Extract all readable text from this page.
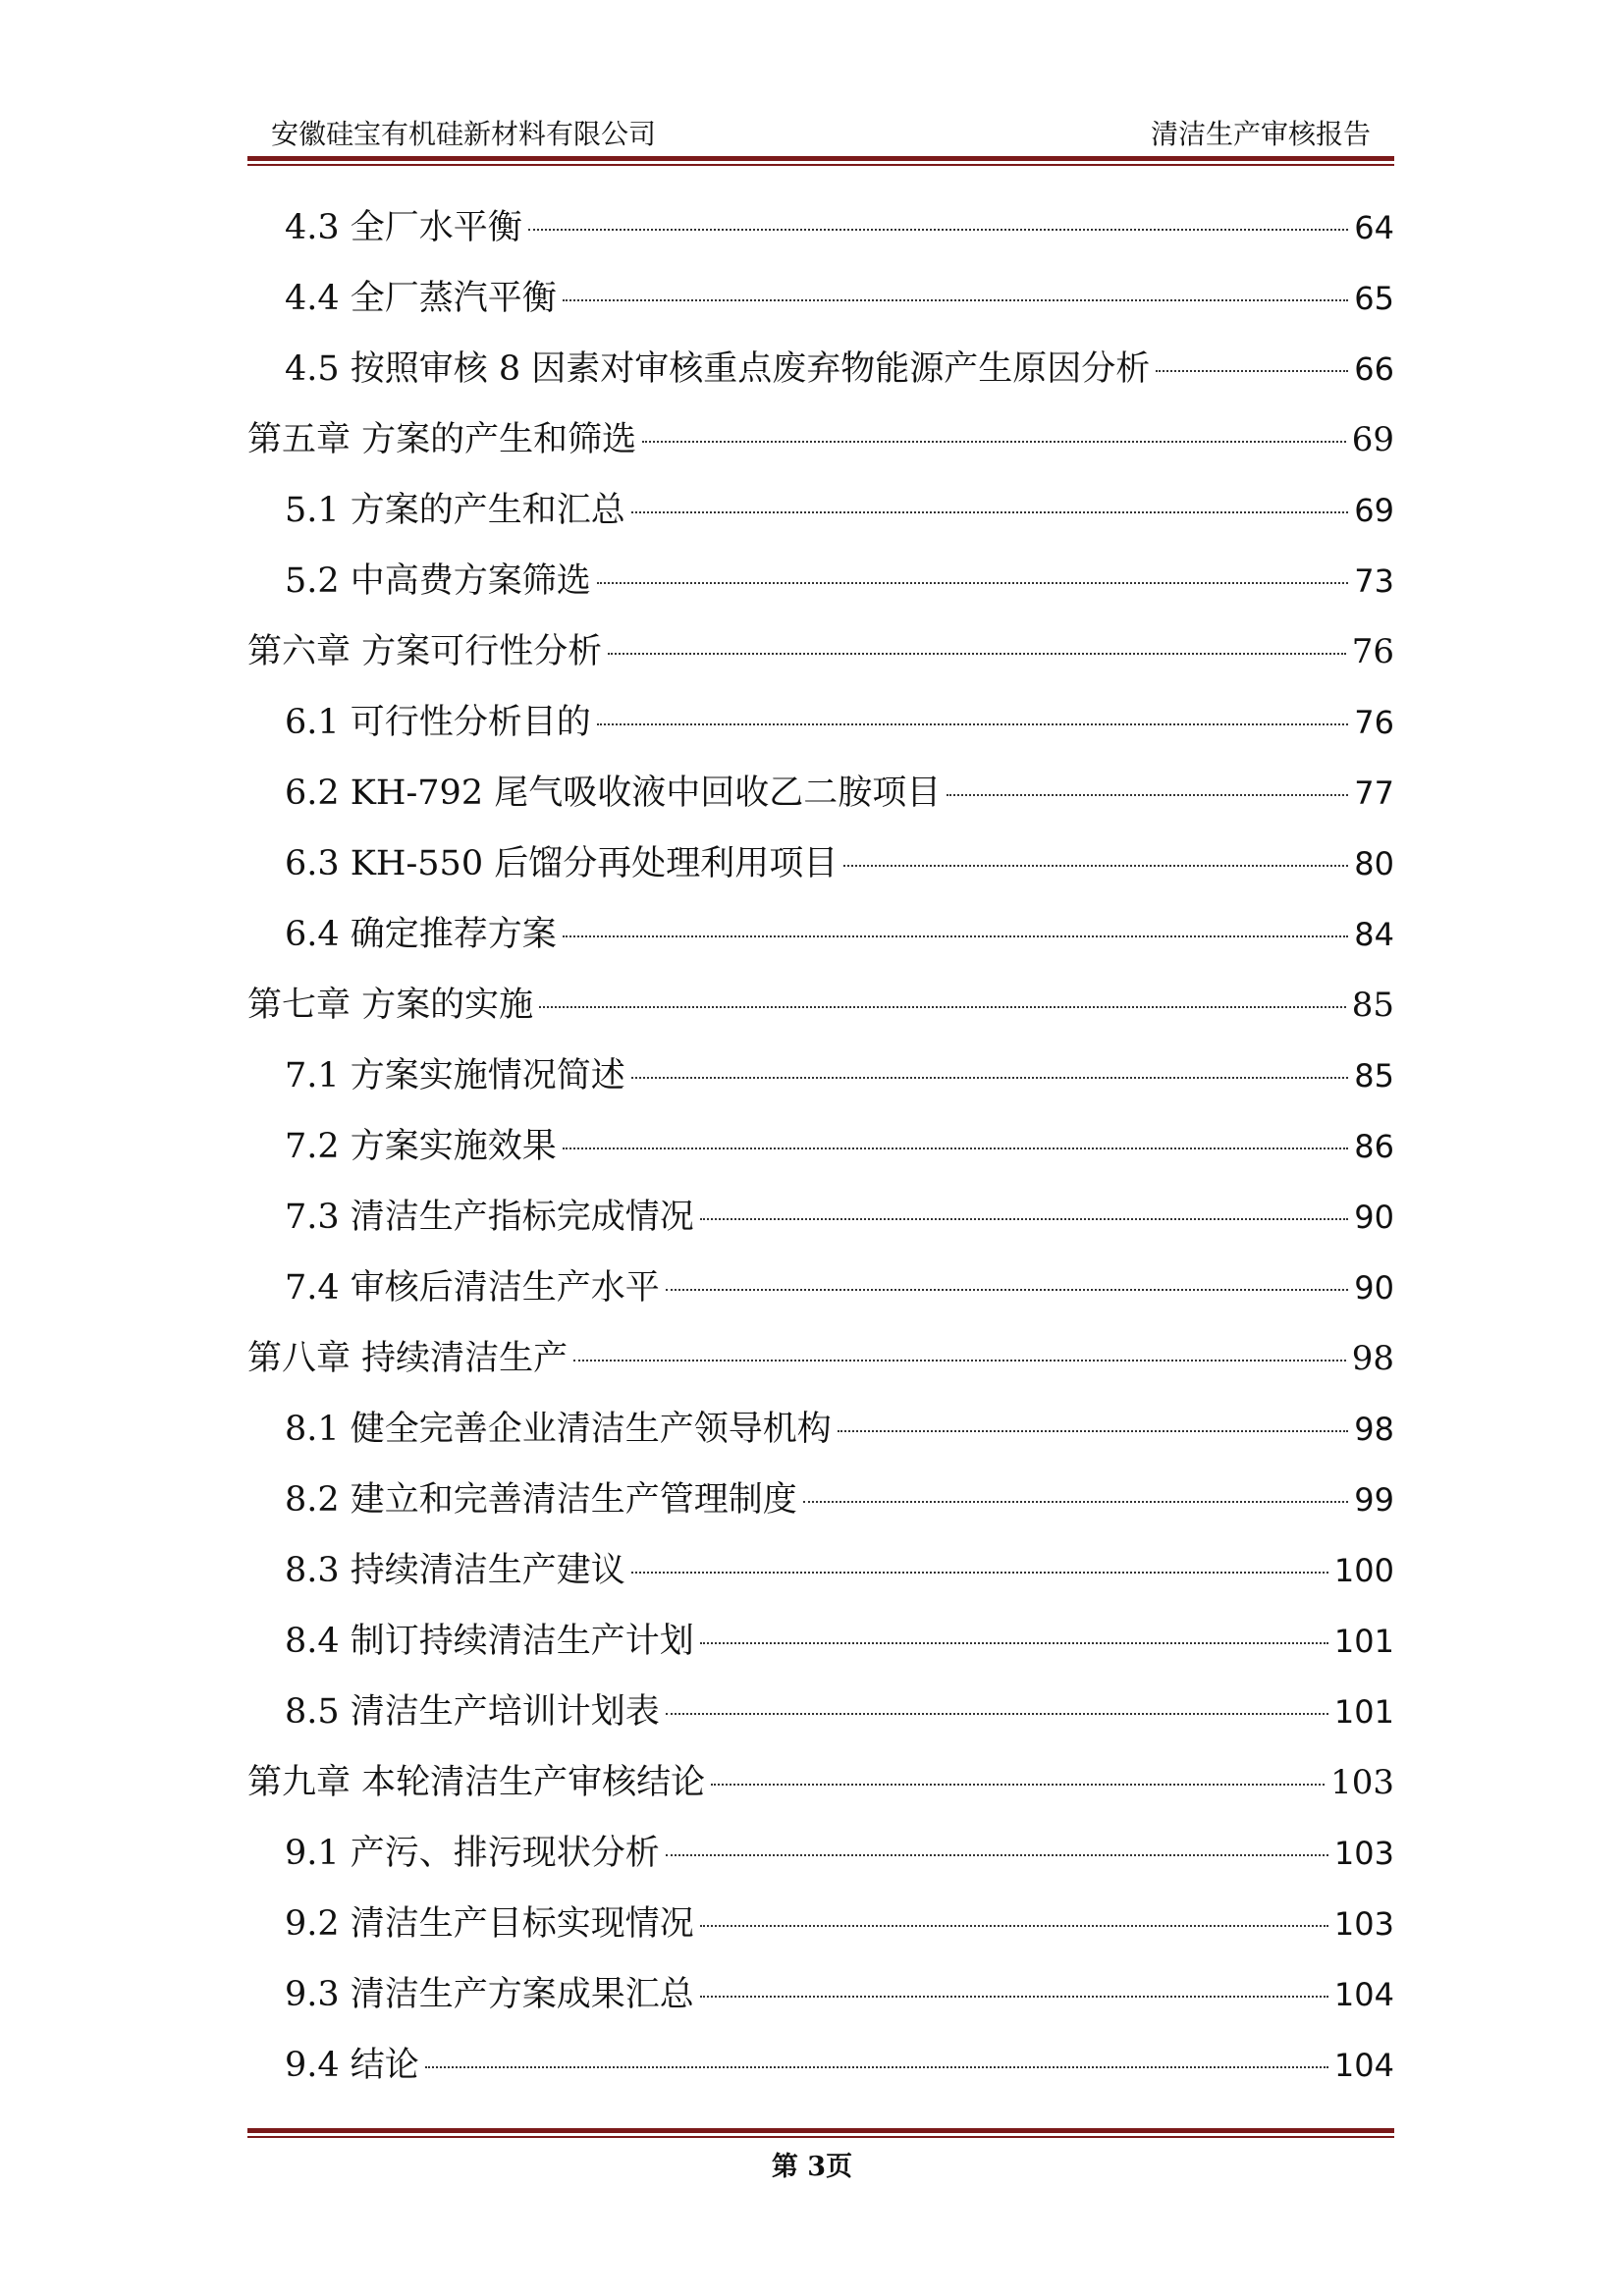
安徽硅宝有机硅新材料有限公司	清洁生产审核报告
4.3 全厂水平衡	64
4.4 全厂蒸汽平衡	65
4.5 按照审核 8 因素对审核重点废弃物能源产生原因分析	66
第五章 方案的产生和筛选	69
5.1 方案的产生和汇总	69
5.2 中高费方案筛选	73
第六章 方案可行性分析	76
6.1 可行性分析目的	76
6.2 KH-792 尾气吸收液中回收乙二胺项目	77
6.3 KH-550 后馏分再处理利用项目	80
6.4 确定推荐方案	84
第七章 方案的实施	85
7.1 方案实施情况简述	85
7.2 方案实施效果	86
7.3 清洁生产指标完成情况	90
7.4 审核后清洁生产水平	90
第八章 持续清洁生产	98
8.1 健全完善企业清洁生产领导机构	98
8.2 建立和完善清洁生产管理制度	99
8.3 持续清洁生产建议	100
8.4 制订持续清洁生产计划	101
8.5 清洁生产培训计划表	101
第九章 本轮清洁生产审核结论	103
9.1 产污、排污现状分析	103
9.2 清洁生产目标实现情况	103
9.3 清洁生产方案成果汇总	104
9.4 结论	104
第 3页
